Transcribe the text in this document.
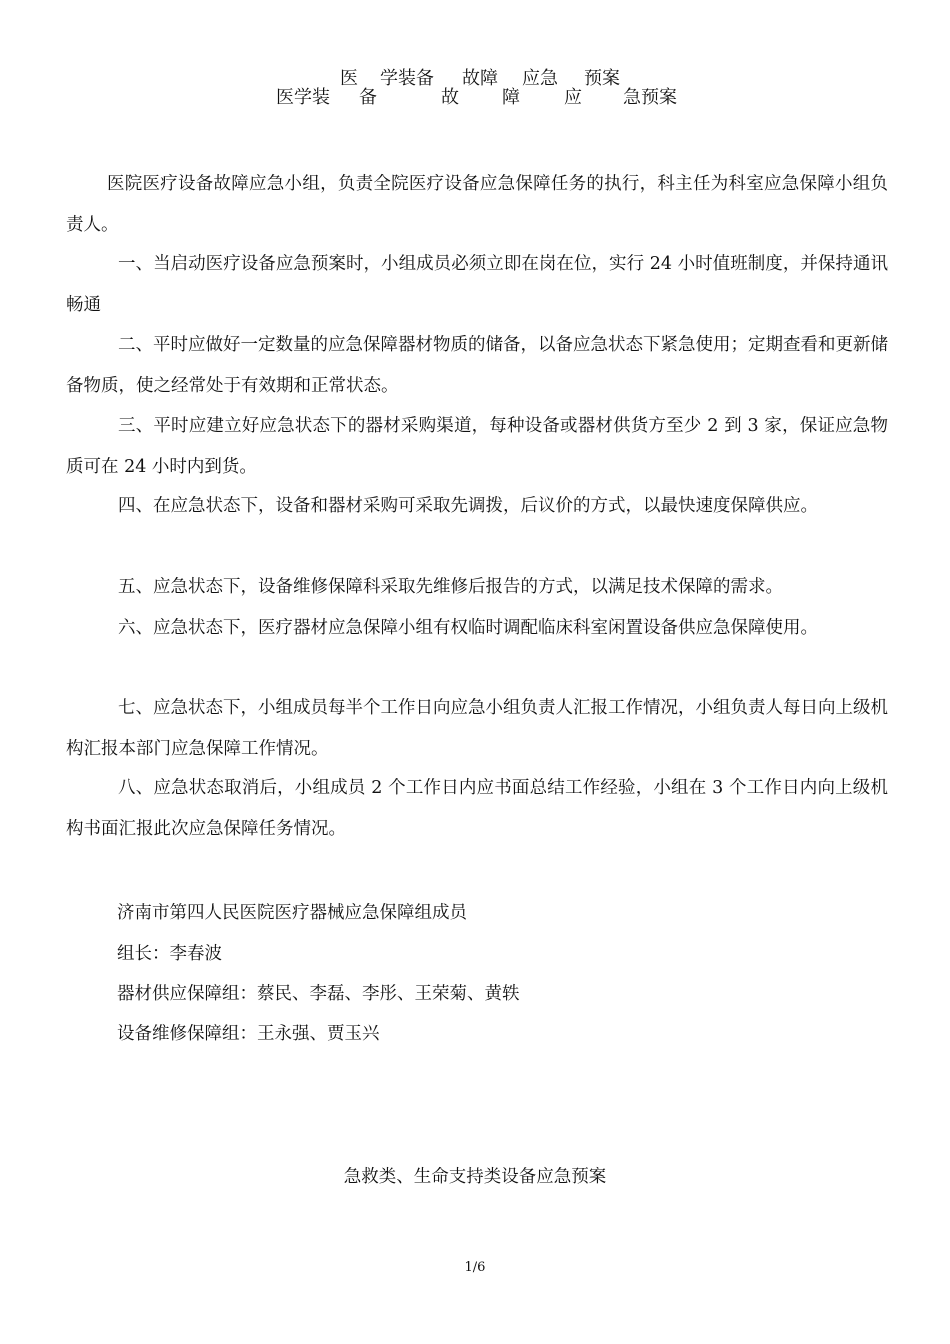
医 学装备 故障 应急 预案
医学装 备	故 障 应 急预案

医院医疗设备故障应急小组，负责全院医疗设备应急保障任务的执行，科主任为科室应急保障小组负责人。

一、当启动医疗设备应急预案时，小组成员必须立即在岗在位，实行 24 小时值班制度，并保持通讯畅通

二、平时应做好一定数量的应急保障器材物质的储备，以备应急状态下紧急使用；定期查看和更新储备物质，使之经常处于有效期和正常状态。

三、平时应建立好应急状态下的器材采购渠道，每种设备或器材供货方至少 2 到 3 家，保证应急物质可在 24 小时内到货。

四、在应急状态下，设备和器材采购可采取先调拨，后议价的方式，以最快速度保障供应。

五、应急状态下，设备维修保障科采取先维修后报告的方式，以满足技术保障的需求。

六、应急状态下，医疗器材应急保障小组有权临时调配临床科室闲置设备供应急保障使用。

七、应急状态下，小组成员每半个工作日向应急小组负责人汇报工作情况，小组负责人每日向上级机构汇报本部门应急保障工作情况。

八、应急状态取消后，小组成员 2 个工作日内应书面总结工作经验，小组在 3 个工作日内向上级机构书面汇报此次应急保障任务情况。

济南市第四人民医院医疗器械应急保障组成员

组长：李春波

器材供应保障组：蔡民、李磊、李彤、王荣菊、黄轶

设备维修保障组：王永强、贾玉兴

急救类、生命支持类设备应急预案

1/6
